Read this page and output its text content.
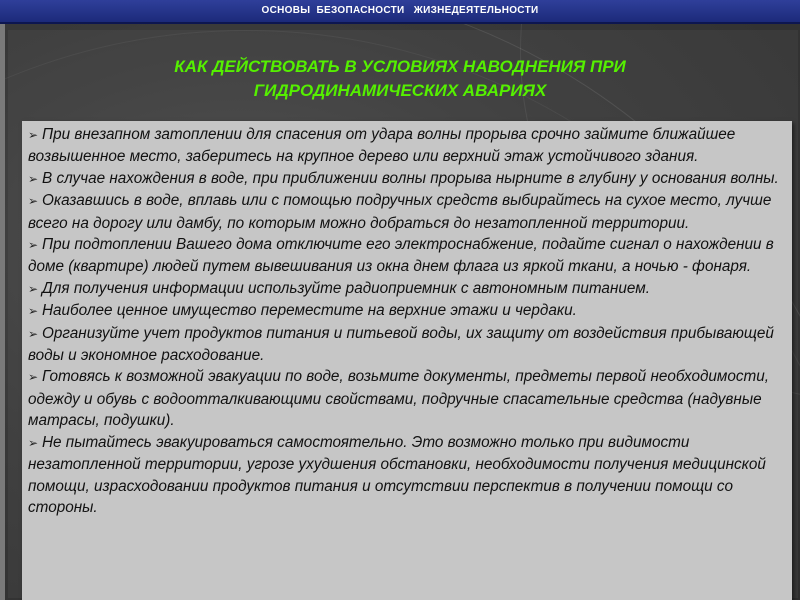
ОСНОВЫ  БЕЗОПАСНОСТИ   ЖИЗНЕДЕЯТЕЛЬНОСТИ
КАК ДЕЙСТВОВАТЬ В УСЛОВИЯХ НАВОДНЕНИЯ ПРИ
ГИДРОДИНАМИЧЕСКИХ АВАРИЯХ
➢ При внезапном затоплении для спасения от удара волны прорыва срочно займите ближайшее возвышенное место, заберитесь на крупное дерево или верхний этаж устойчивого здания.
➢ В случае нахождения в воде, при приближении волны прорыва нырните в глубину у основания волны.
➢ Оказавшись в воде, вплавь или с помощью подручных средств выбирайтесь на сухое место, лучше всего на дорогу или дамбу, по которым можно добраться до незатопленной территории.
➢ При подтоплении Вашего дома отключите его электроснабжение, подайте сигнал о нахождении в доме (квартире) людей путем вывешивания из окна днем флага из яркой ткани, а ночью - фонаря.
➢ Для получения информации используйте радиоприемник с автономным питанием.
➢ Наиболее ценное имущество переместите на верхние этажи и чердаки.
➢ Организуйте учет продуктов питания и питьевой воды, их защиту от воздействия прибывающей воды и экономное расходование.
➢ Готовясь к возможной эвакуации по воде, возьмите документы, предметы первой необходимости, одежду и обувь с водоотталкивающими свойствами, подручные спасательные средства (надувные матрасы, подушки).
➢ Не пытайтесь эвакуироваться самостоятельно. Это возможно только при видимости незатопленной территории, угрозе ухудшения обстановки, необходимости получения медицинской помощи, израсходовании продуктов питания и отсутствии перспектив в получении помощи со стороны.
